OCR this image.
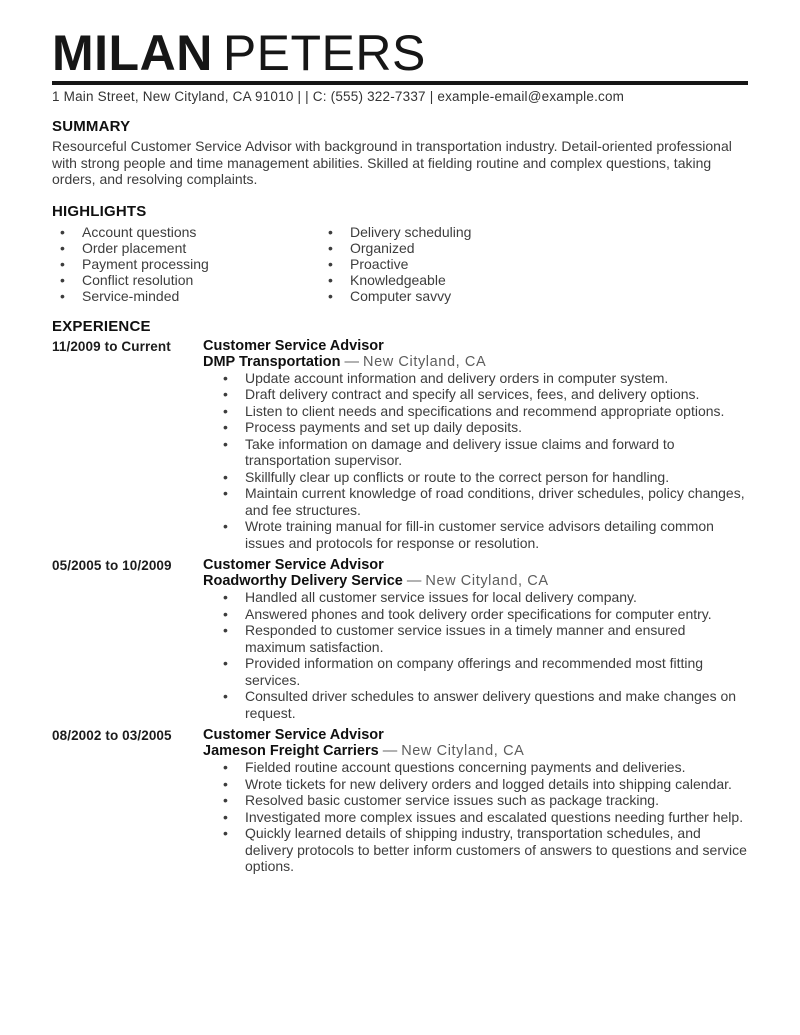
MILAN PETERS
1 Main Street, New Cityland, CA 91010 | | C: (555) 322-7337 | example-email@example.com
SUMMARY

Resourceful Customer Service Advisor with background in transportation industry. Detail-oriented professional with strong people and time management abilities. Skilled at fielding routine and complex questions, taking orders, and resolving complaints.

HIGHLIGHTS
• Account questions
• Order placement
• Payment processing
• Conflict resolution
• Service-minded
• Delivery scheduling
• Organized
• Proactive
• Knowledgeable
• Computer savvy
EXPERIENCE
11/2009 to Current	Customer Service Advisor
DMP Transportation — New Cityland, CA
• Update account information and delivery orders in computer system.
• Draft delivery contract and specify all services, fees, and delivery options.
• Listen to client needs and specifications and recommend appropriate options.
• Process payments and set up daily deposits.
• Take information on damage and delivery issue claims and forward to transportation supervisor.
• Skillfully clear up conflicts or route to the correct person for handling.
• Maintain current knowledge of road conditions, driver schedules, policy changes, and fee structures.
• Wrote training manual for fill-in customer service advisors detailing common issues and protocols for response or resolution.
05/2005 to 10/2009	Customer Service Advisor
Roadworthy Delivery Service — New Cityland, CA
• Handled all customer service issues for local delivery company.
• Answered phones and took delivery order specifications for computer entry.
• Responded to customer service issues in a timely manner and ensured maximum satisfaction.
• Provided information on company offerings and recommended most fitting services.
• Consulted driver schedules to answer delivery questions and make changes on request.
08/2002 to 03/2005	Customer Service Advisor
Jameson Freight Carriers — New Cityland, CA
• Fielded routine account questions concerning payments and deliveries.
• Wrote tickets for new delivery orders and logged details into shipping calendar.
• Resolved basic customer service issues such as package tracking.
• Investigated more complex issues and escalated questions needing further help.
• Quickly learned details of shipping industry, transportation schedules, and delivery protocols to better inform customers of answers to questions and service options.
